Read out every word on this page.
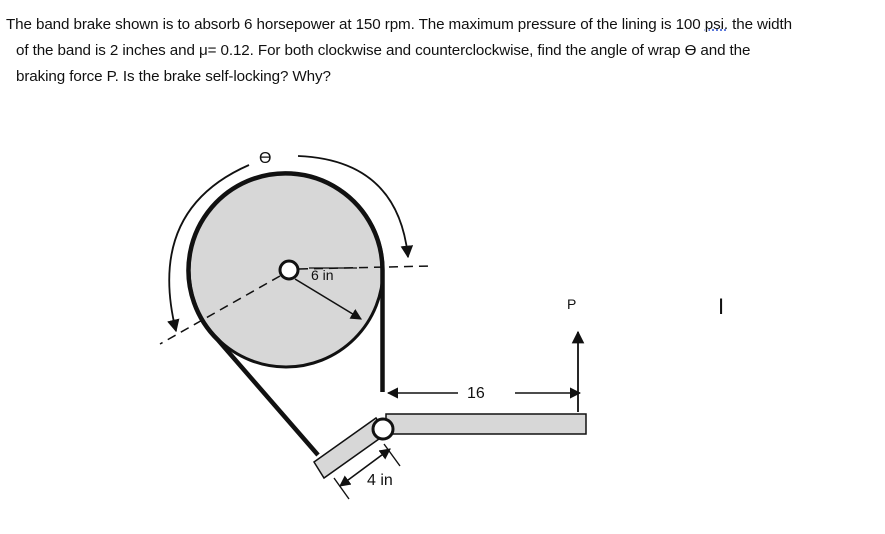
The band brake shown is to absorb 6 horsepower at 150 rpm. The maximum pressure of the lining is 100 psi. the width
of the band is 2 inches and μ= 0.12. For both clockwise and counterclockwise, find the angle of wrap ϴ and the
braking force P. Is the brake self-locking? Why?
ϴ
6 in
16
P
4 in
I
